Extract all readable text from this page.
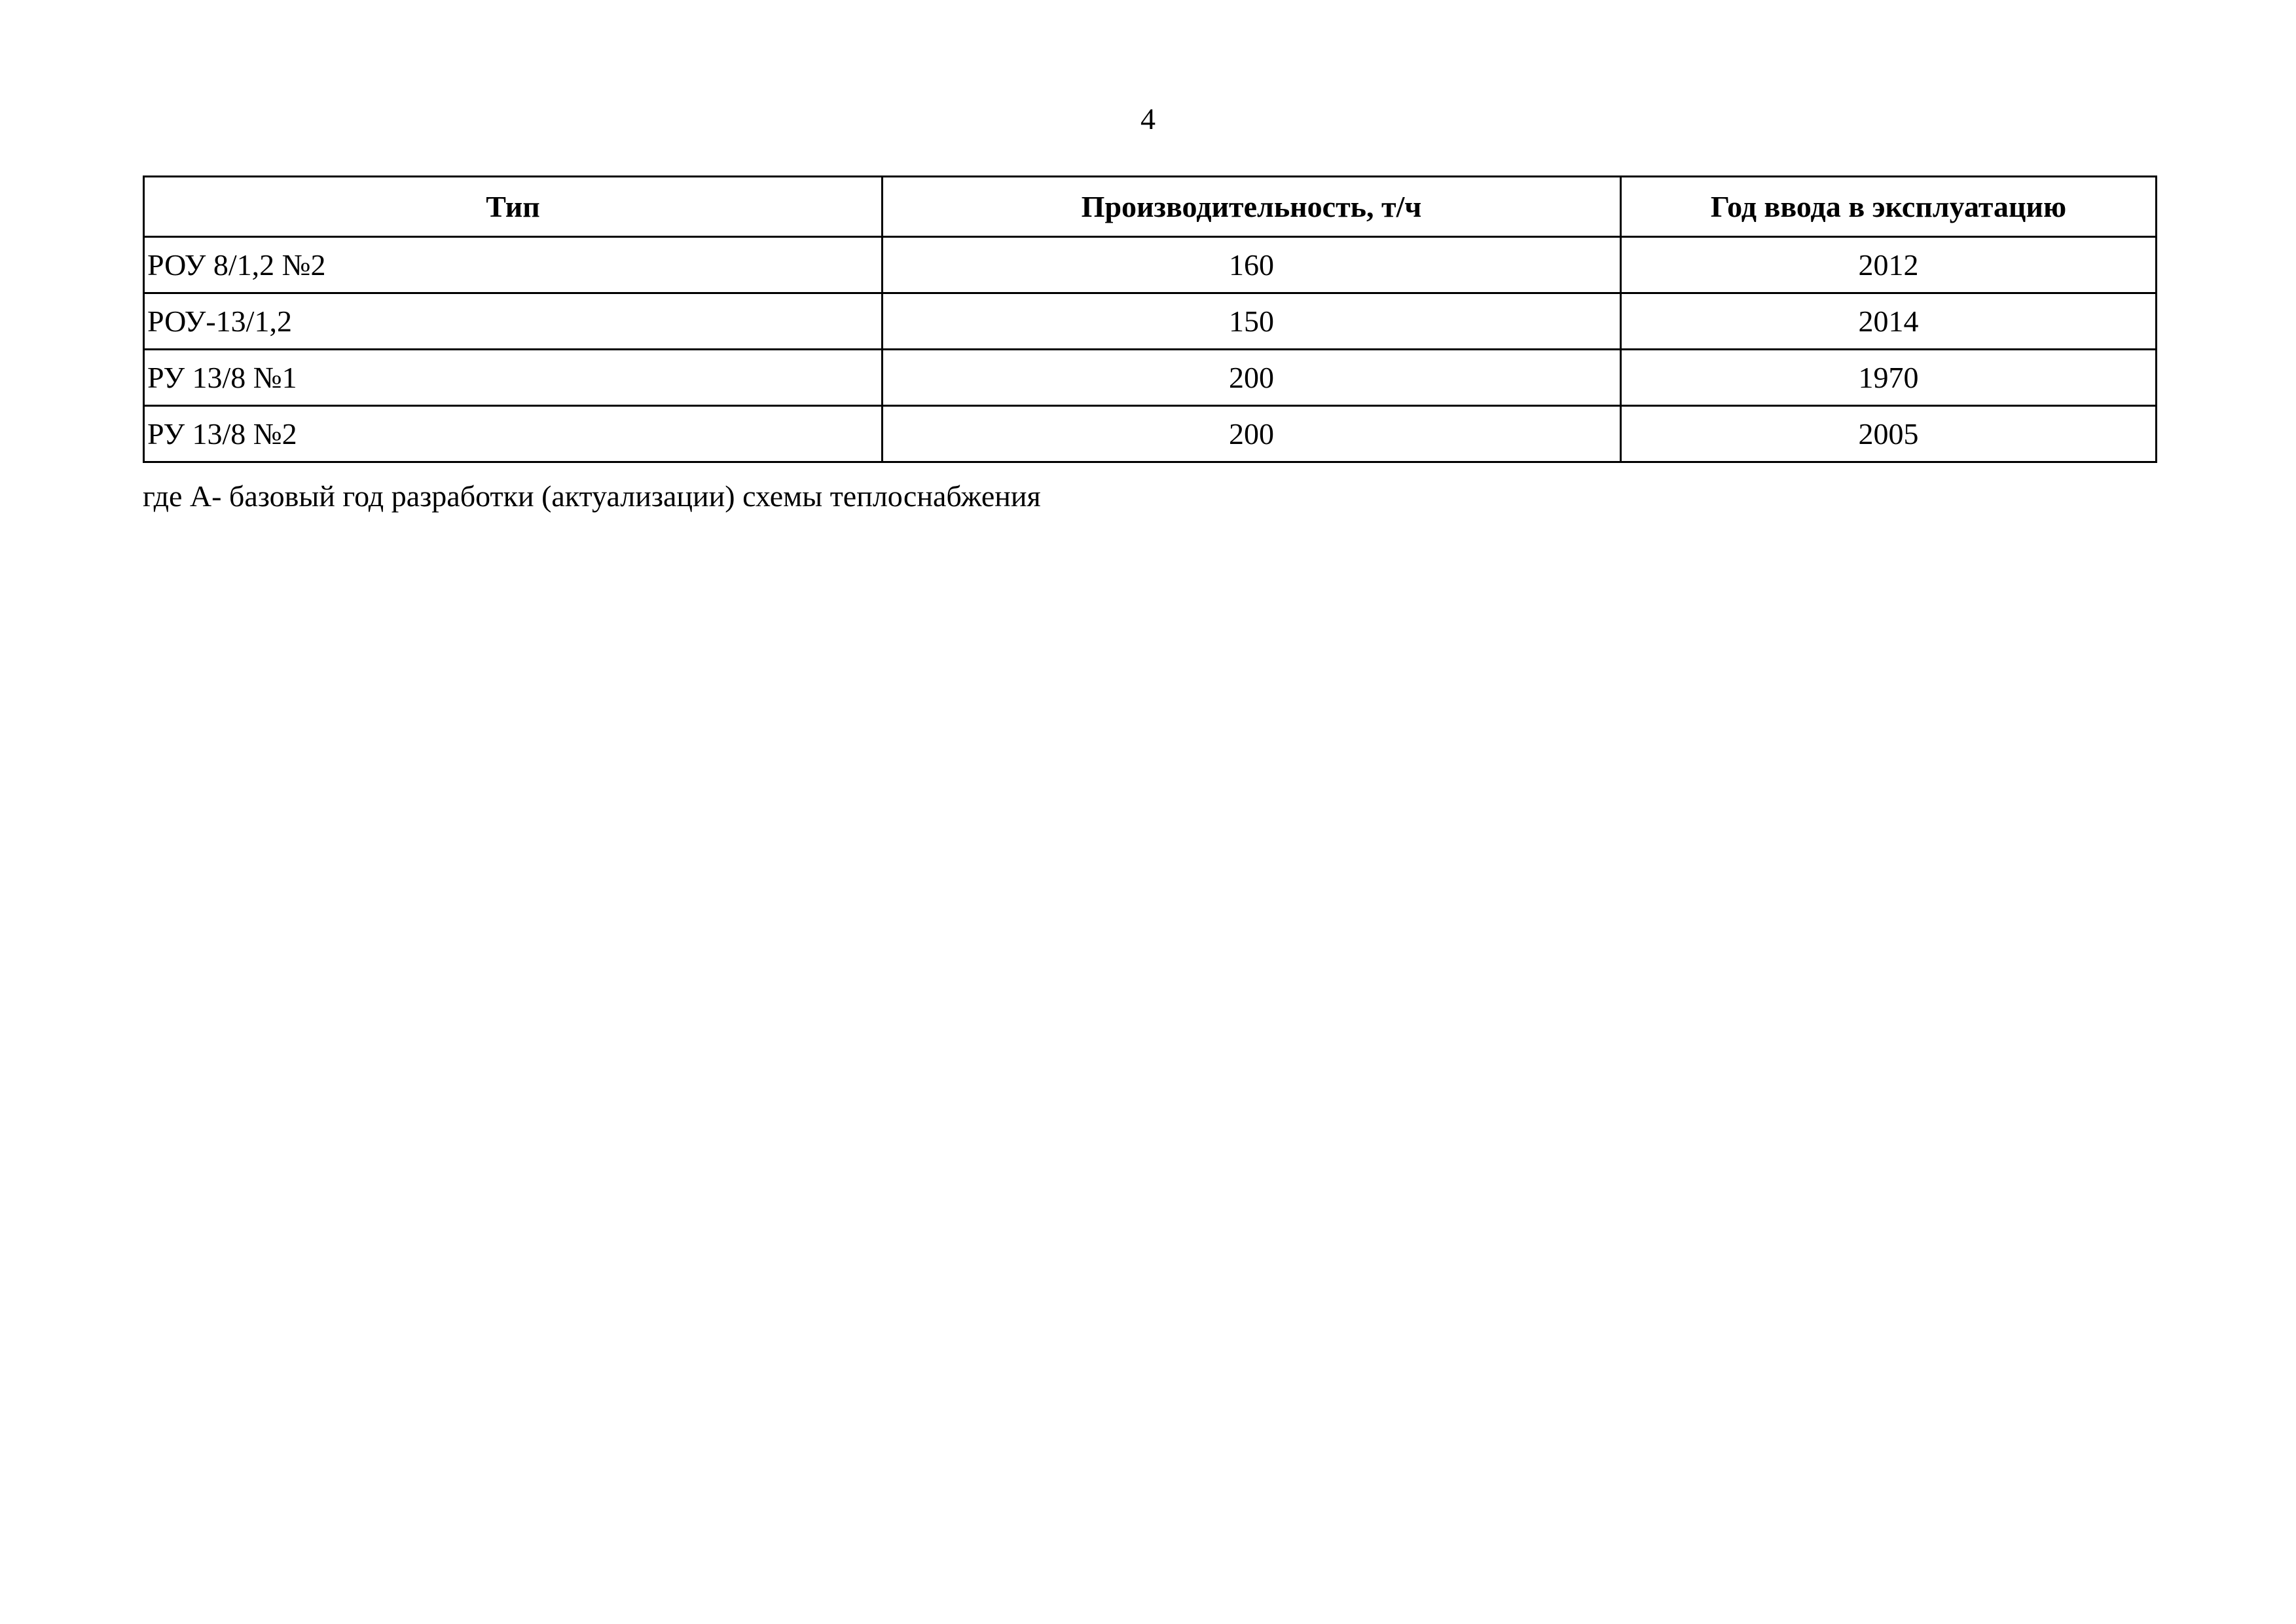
4
Тип	Производительность, т/ч	Год ввода в эксплуатацию
РОУ 8/1,2 №2	160	2012
РОУ-13/1,2	150	2014
РУ 13/8 №1	200	1970
РУ 13/8 №2	200	2005
где А- базовый год разработки (актуализации) схемы теплоснабжения
